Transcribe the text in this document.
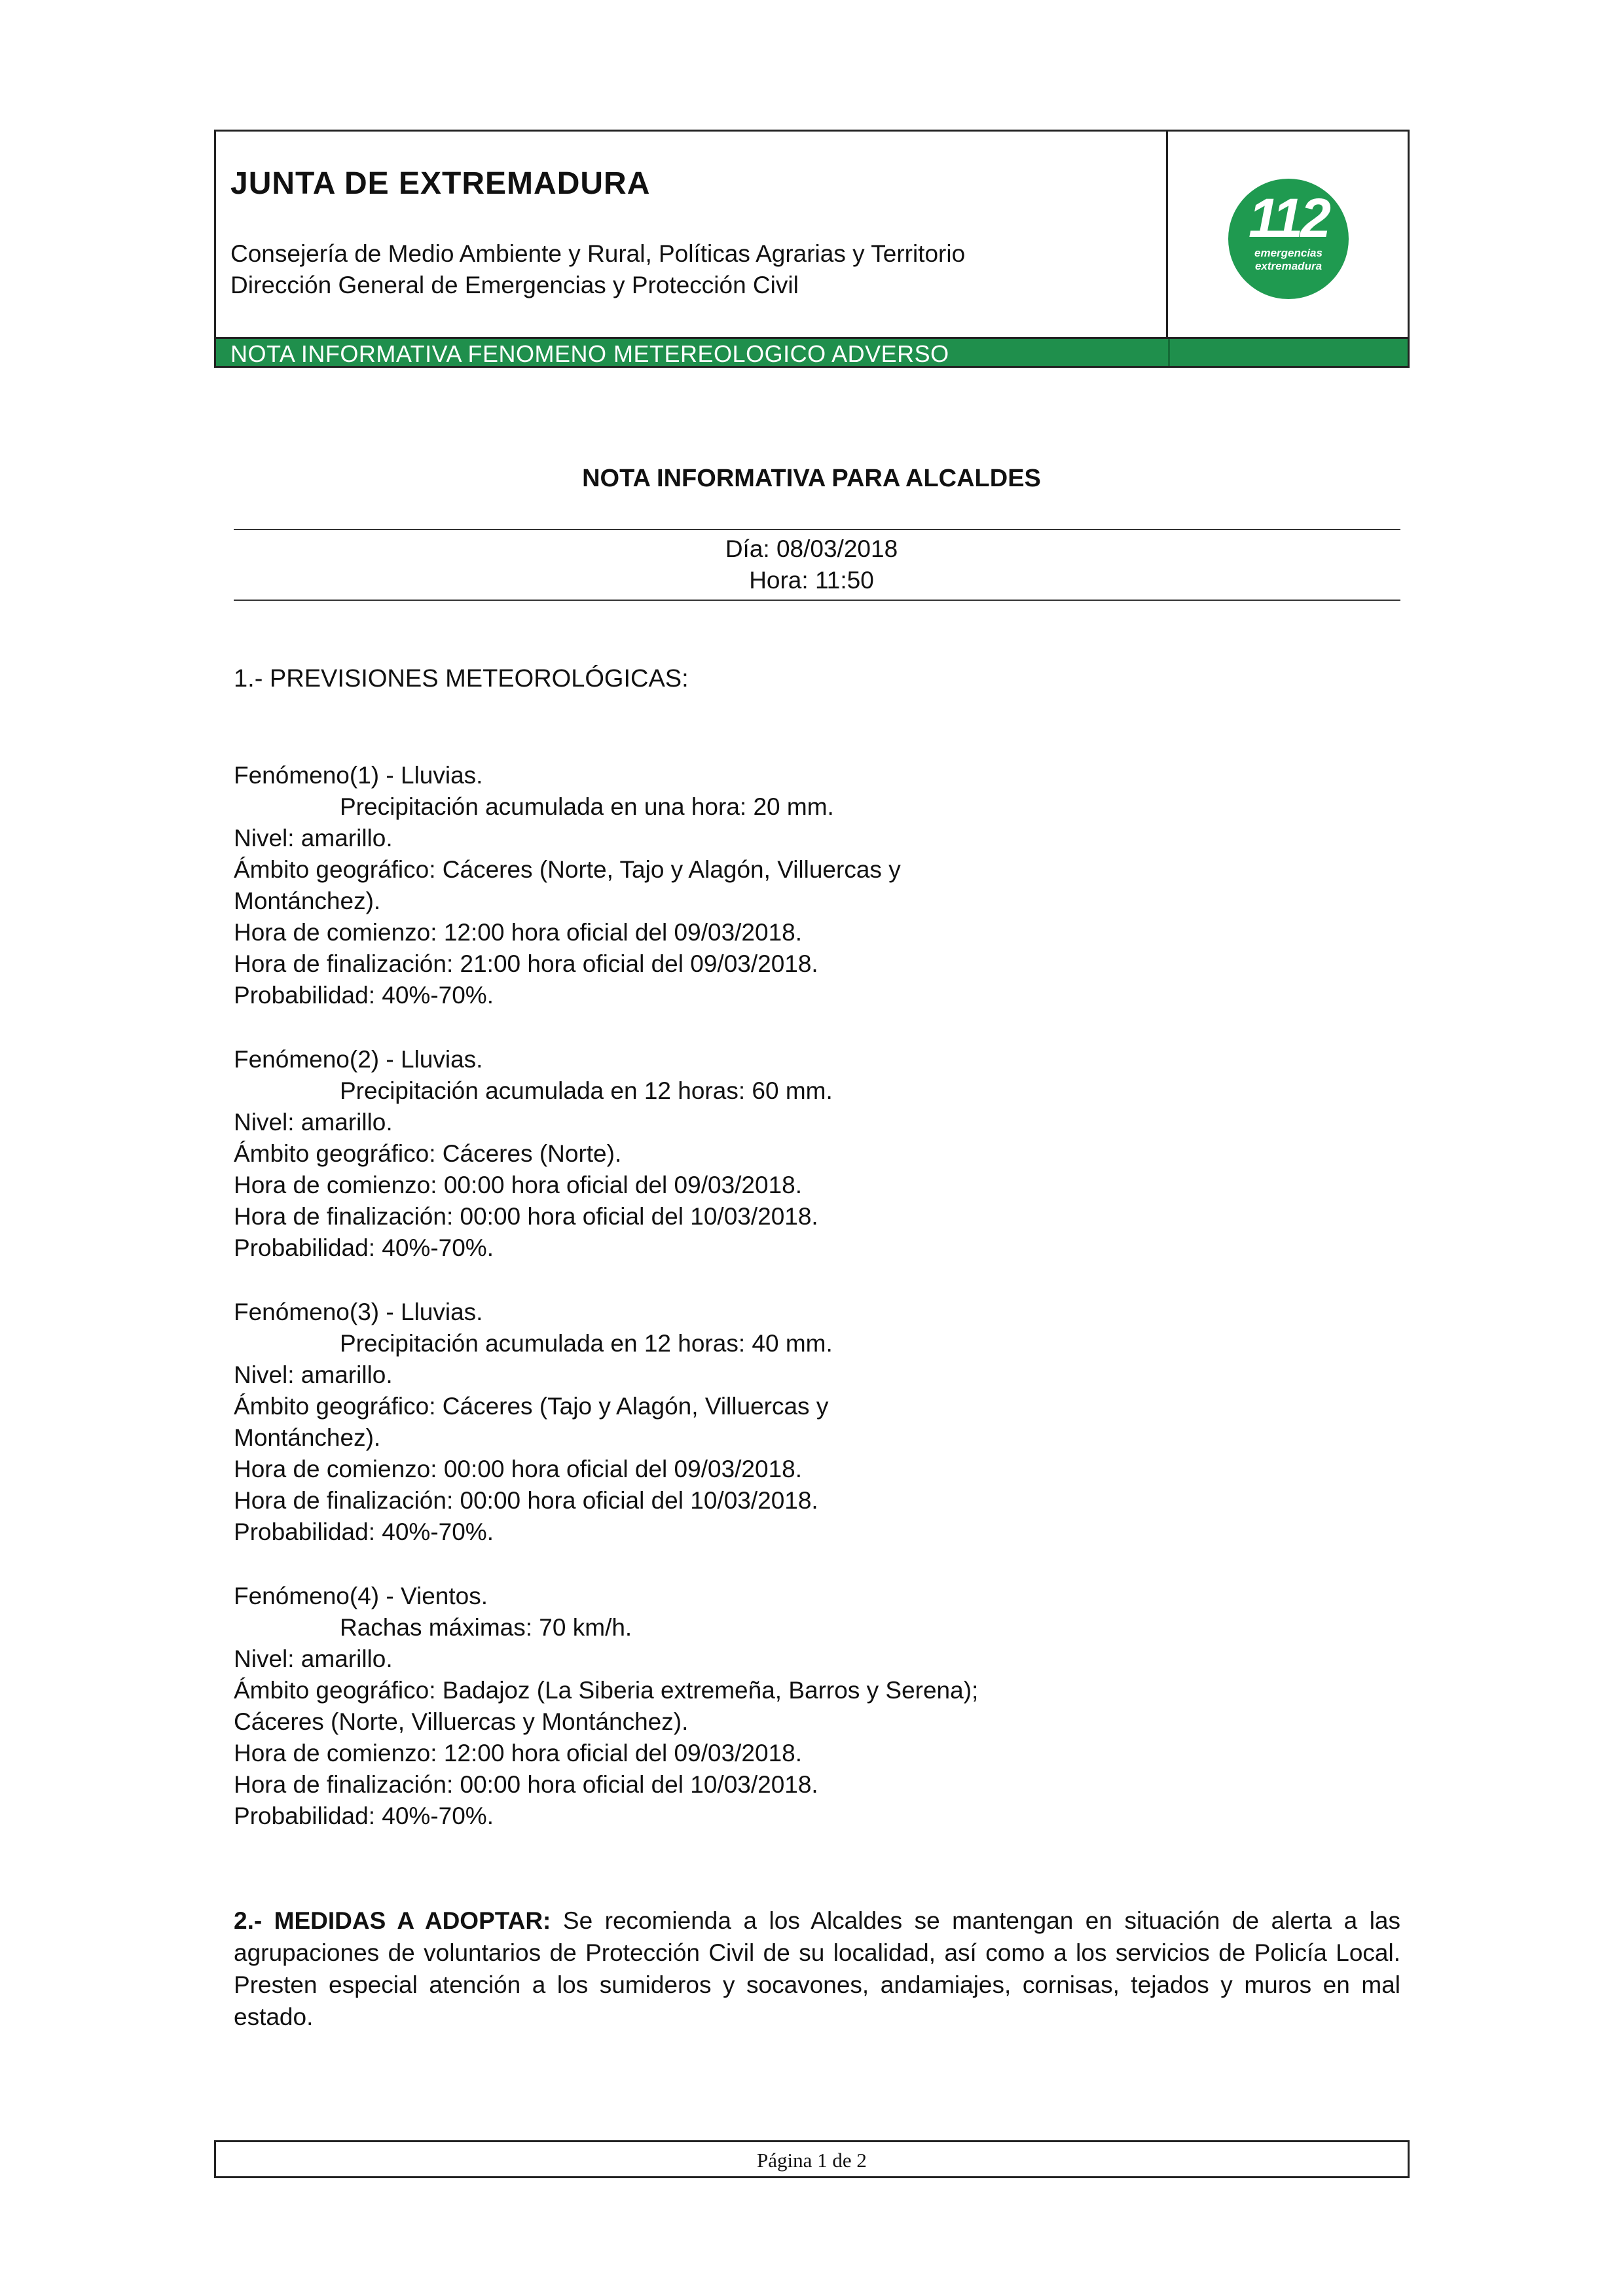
JUNTA DE EXTREMADURA
Consejería de Medio Ambiente y Rural, Políticas Agrarias y Territorio
Dirección General de Emergencias y Protección Civil
112
emergencias
extremadura
NOTA INFORMATIVA FENOMENO METEREOLOGICO ADVERSO
NOTA INFORMATIVA PARA ALCALDES
Día: 08/03/2018
Hora: 11:50
1.- PREVISIONES METEOROLÓGICAS:
Fenómeno(1) - Lluvias.
Precipitación acumulada en una hora: 20 mm.
Nivel: amarillo.
Ámbito geográfico: Cáceres (Norte, Tajo y Alagón, Villuercas y
Montánchez).
Hora de comienzo: 12:00 hora oficial del 09/03/2018.
Hora de finalización: 21:00 hora oficial del 09/03/2018.
Probabilidad: 40%-70%.
Fenómeno(2) - Lluvias.
Precipitación acumulada en 12 horas: 60 mm.
Nivel: amarillo.
Ámbito geográfico: Cáceres (Norte).
Hora de comienzo: 00:00 hora oficial del 09/03/2018.
Hora de finalización: 00:00 hora oficial del 10/03/2018.
Probabilidad: 40%-70%.
Fenómeno(3) - Lluvias.
Precipitación acumulada en 12 horas: 40 mm.
Nivel: amarillo.
Ámbito geográfico: Cáceres (Tajo y Alagón, Villuercas y
Montánchez).
Hora de comienzo: 00:00 hora oficial del 09/03/2018.
Hora de finalización: 00:00 hora oficial del 10/03/2018.
Probabilidad: 40%-70%.
Fenómeno(4) - Vientos.
Rachas máximas: 70 km/h.
Nivel: amarillo.
Ámbito geográfico: Badajoz (La Siberia extremeña, Barros y Serena);
Cáceres (Norte, Villuercas y Montánchez).
Hora de comienzo: 12:00 hora oficial del 09/03/2018.
Hora de finalización: 00:00 hora oficial del 10/03/2018.
Probabilidad: 40%-70%.
2.- MEDIDAS A ADOPTAR: Se recomienda a los Alcaldes se mantengan en situación de alerta a las agrupaciones de voluntarios de Protección Civil de su localidad, así como a los servicios de Policía Local. Presten especial atención a los sumideros y socavones, andamiajes, cornisas, tejados y muros en mal estado.
Página 1 de 2
